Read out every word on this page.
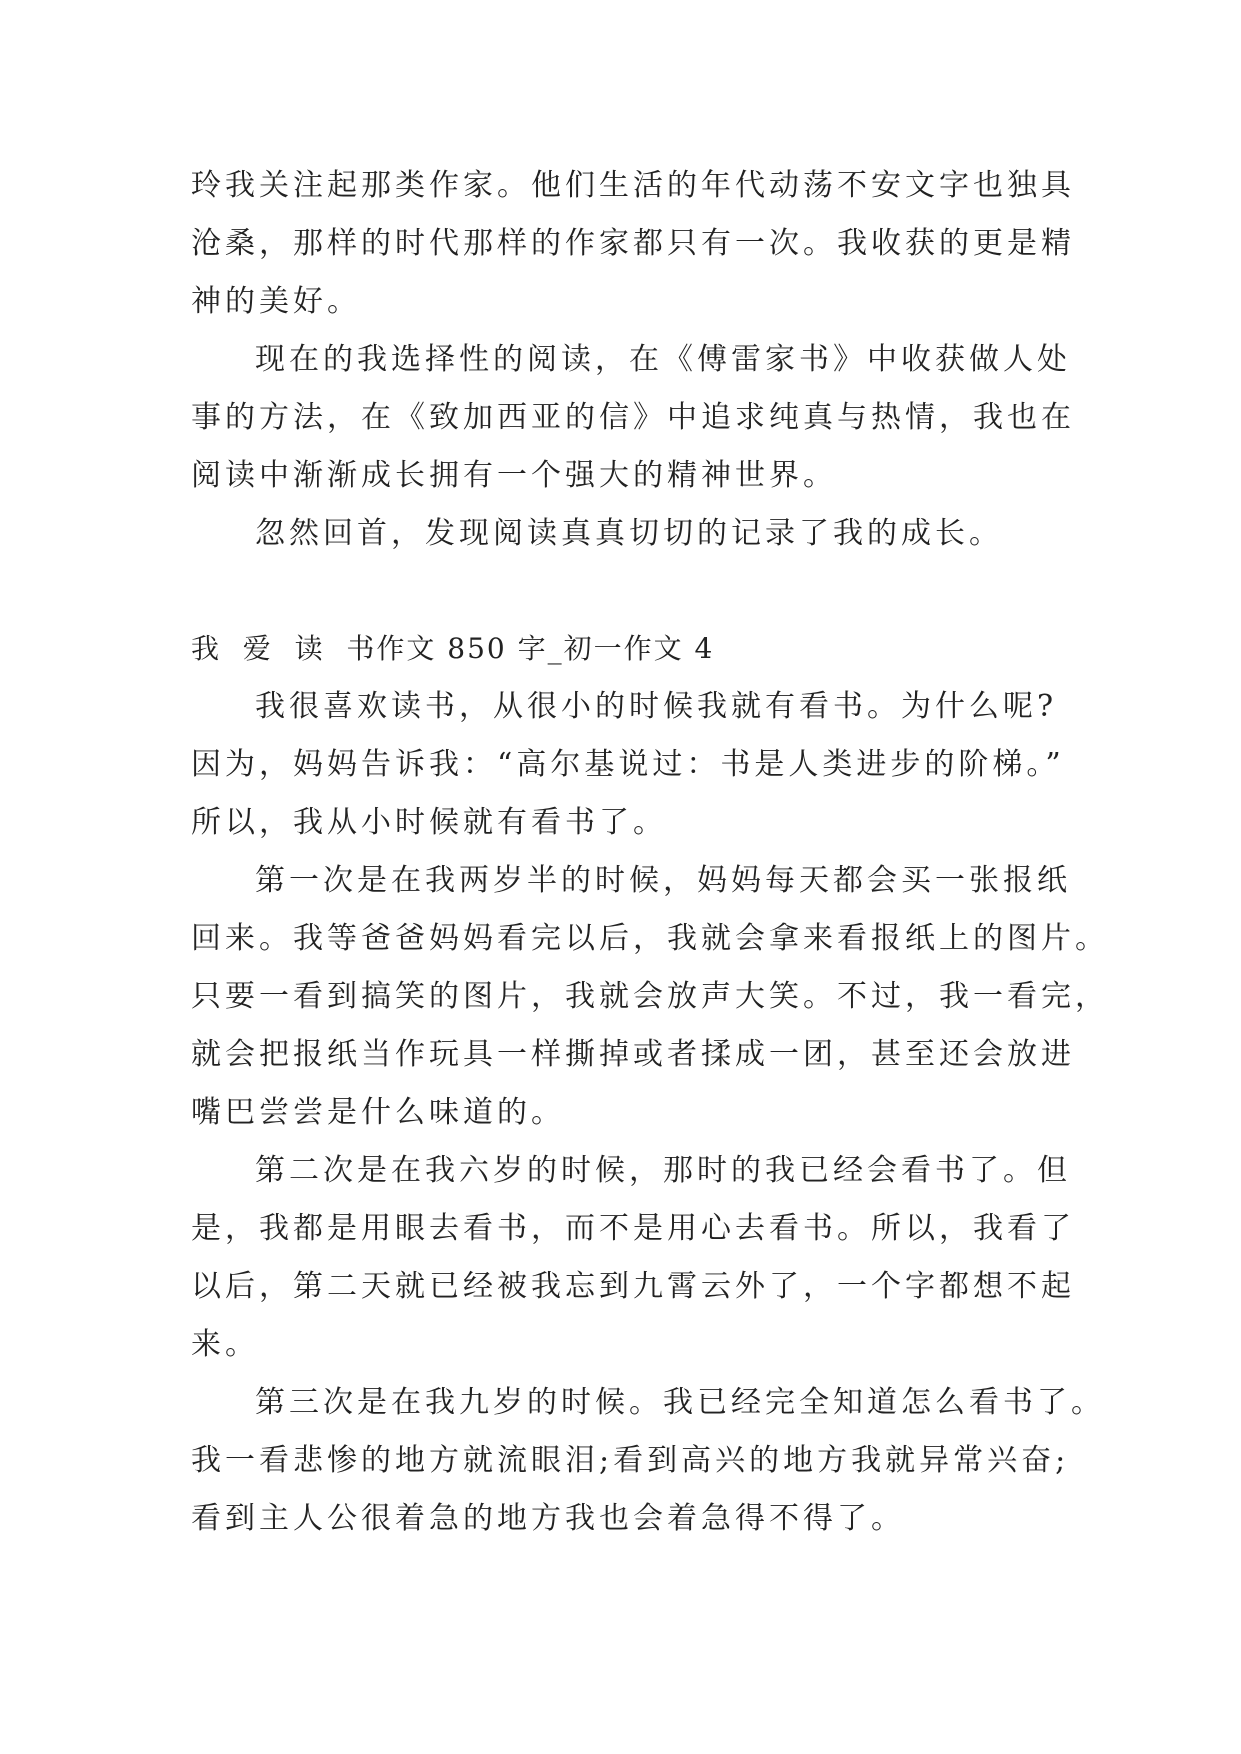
玲我关注起那类作家。他们生活的年代动荡不安文字也独具
沧桑，那样的时代那样的作家都只有一次。我收获的更是精
神的美好。
现在的我选择性的阅读，在《傅雷家书》中收获做人处
事的方法，在《致加西亚的信》中追求纯真与热情，我也在
阅读中渐渐成长拥有一个强大的精神世界。
忽然回首，发现阅读真真切切的记录了我的成长。
我  爱  读  书作文 850 字_初一作文 4
我很喜欢读书，从很小的时候我就有看书。为什么呢?
因为，妈妈告诉我：“高尔基说过：书是人类进步的阶梯。”
所以，我从小时候就有看书了。
第一次是在我两岁半的时候，妈妈每天都会买一张报纸
回来。我等爸爸妈妈看完以后，我就会拿来看报纸上的图片。
只要一看到搞笑的图片，我就会放声大笑。不过，我一看完，
就会把报纸当作玩具一样撕掉或者揉成一团，甚至还会放进
嘴巴尝尝是什么味道的。
第二次是在我六岁的时候，那时的我已经会看书了。但
是，我都是用眼去看书，而不是用心去看书。所以，我看了
以后，第二天就已经被我忘到九霄云外了，一个字都想不起
来。
第三次是在我九岁的时候。我已经完全知道怎么看书了。
我一看悲惨的地方就流眼泪;看到高兴的地方我就异常兴奋;
看到主人公很着急的地方我也会着急得不得了。
